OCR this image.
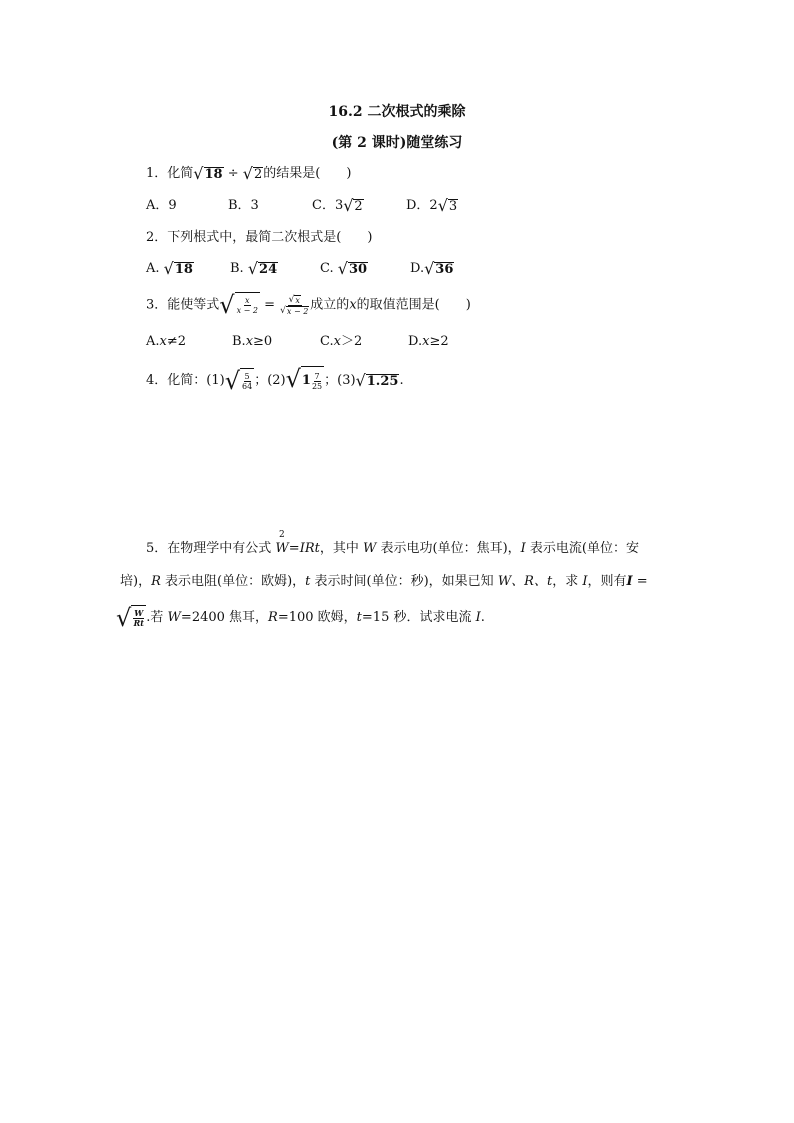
16.2 二次根式的乘除
(第 2 课时)随堂练习
1．化简 √ 18 ÷ √ 2 的结果是(　　)
A．9	B．3	C．3 √ 2	D．2 √ 3
2．下列根式中，最简二次根式是(　　)
A. √ 18	B. √ 24	C. √ 30	D. √ 36
3．能使等式 √ $\frac{x}{x - 2} = \frac{√ x}{√ x - 2}$ 成立的x的取值范围是(　　)
A.x≠2	B.x≥0	C.x＞2	D.x≥2
4．化简：(1) √ $\frac{5}{64}$ ；(2) √ $1 \frac{7}{25}$ ；(3) √ 1.25 .
2
5．在物理学中有公式 W=IRt，其中 W 表示电功(单位：焦耳)，I 表示电流(单位：安
培)，R 表示电阻(单位：欧姆)，t 表示时间(单位：秒)，如果已知 W、R、t，求 I，则有I =
√ $\frac{W}{Rt}$ .若 W=2400 焦耳，R=100 欧姆，t=15 秒．试求电流 I.
